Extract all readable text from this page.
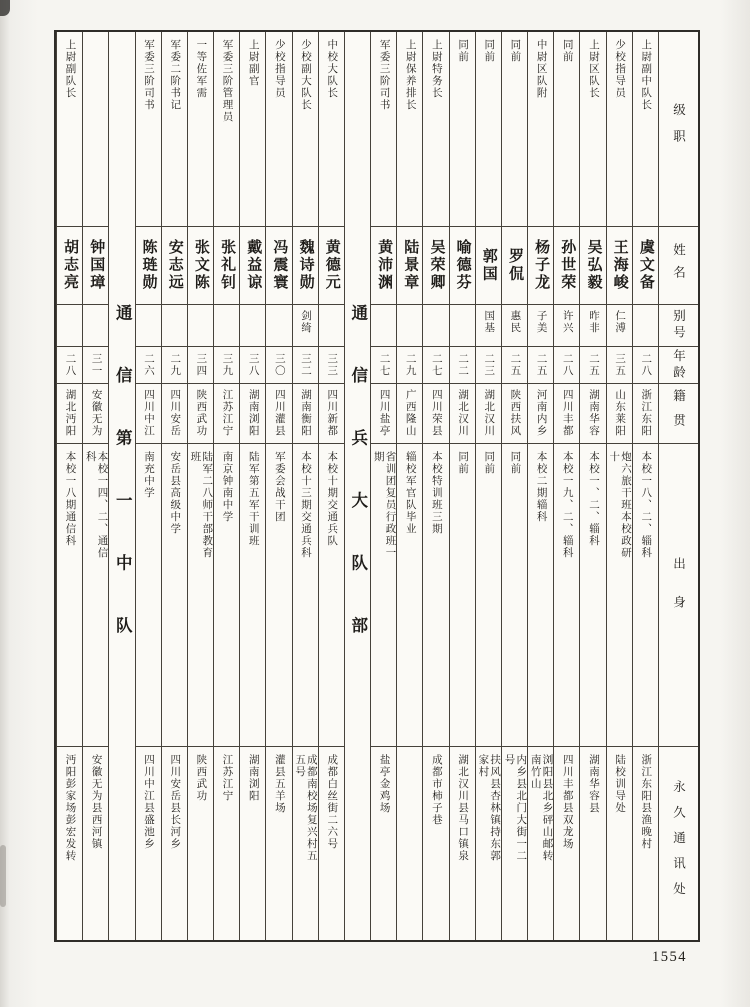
级职
姓名
别号
年龄
籍贯
出身
永久通讯处
上尉副中队长
虞文备
二八
浙江东阳
本校一八、二、辎科
浙江东阳县渔晚村
少校指导员
王海峻
仁溥
三五
山东莱阳
炮六旅干班本校政研十
陆校训导处
上尉区队长
吴弘毅
昨非
二五
湖南华容
本校一、二、辎科
湖南华容县
同前
孙世荣
许兴
二八
四川丰都
本校一九、二、辎科
四川丰都县双龙场
中尉区队附
杨子龙
子美
二五
河南内乡
本校二期辎科
浏阳县北乡砰山邮转南竹山
同前
罗侃
惠民
二五
陕西扶风
同前
内乡县北门大街一二号
同前
郭国
国基
二三
湖北汉川
同前
扶风县杏林镇持东郭家村
同前
喻德芬
二二
湖北汉川
同前
湖北汉川县马口镇泉
上尉特务长
吴荣卿
二七
四川荣县
本校特训班三期
成都市柿子巷
上尉保养排长
陆景章
二九
广西隆山
辎校军官队毕业
军委三阶司书
黄沛渊
二七
四川盐亭
省训团复员行政班一期
盐亭金鸡场
通信兵大队部
中校大队长
黄德元
三三
四川新都
本校十期交通兵队
成都白丝街二六号
少校副大队长
魏诗勋
剑绮
三二
湖南衡阳
本校十三期交通兵科
成都南校场复兴村五五号
少校指导员
冯震寰
三〇
四川灌县
军委会战干团
灌县五羊场
上尉副官
戴益谅
三八
湖南浏阳
陆军第五军干训班
湖南浏阳
军委三阶管理员
张礼钊
三九
江苏江宁
南京钟南中学
江苏江宁
一等佐军需
张文陈
三四
陕西武功
陆军二八师干部教育班
陕西武功
军委二阶书记
安志远
二九
四川安岳
安岳县高级中学
四川安岳县长河乡
军委三阶司书
陈琏勋
二六
四川中江
南充中学
四川中江县盛池乡
通信第一中队
钟国璋
三一
安徽无为
本校一四、二、通信科
安徽无为县西河镇
上尉副队长
胡志亮
二八
湖北沔阳
本校一八期通信科
沔阳彭家场彭宏发转
1554
